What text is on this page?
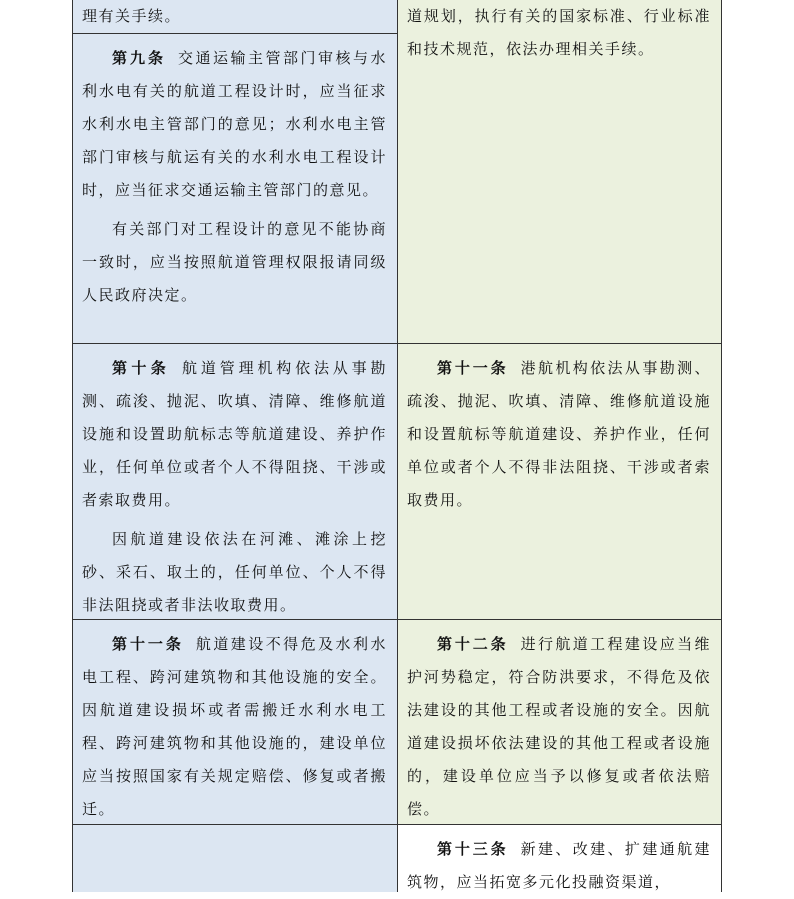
理有关手续。	道规划，执行有关的国家标准、行业标准和技术规范，依法办理相关手续。

第九条 交通运输主管部门审核与水利水电有关的航道工程设计时，应当征求水利水电主管部门的意见；水利水电主管部门审核与航运有关的水利水电工程设计时，应当征求交通运输主管部门的意见。

有关部门对工程设计的意见不能协商一致时，应当按照航道管理权限报请同级人民政府决定。

第十条 航道管理机构依法从事勘测、疏浚、抛泥、吹填、清障、维修航道设施和设置助航标志等航道建设、养护作业，任何单位或者个人不得阻挠、干涉或者索取费用。

因航道建设依法在河滩、滩涂上挖砂、采石、取土的，任何单位、个人不得非法阻挠或者非法收取费用。

第十一条 港航机构依法从事勘测、疏浚、抛泥、吹填、清障、维修航道设施和设置航标等航道建设、养护作业，任何单位或者个人不得非法阻挠、干涉或者索取费用。

第十一条 航道建设不得危及水利水电工程、跨河建筑物和其他设施的安全。因航道建设损坏或者需搬迁水利水电工程、跨河建筑物和其他设施的，建设单位应当按照国家有关规定赔偿、修复或者搬迁。

第十二条 进行航道工程建设应当维护河势稳定，符合防洪要求，不得危及依法建设的其他工程或者设施的安全。因航道建设损坏依法建设的其他工程或者设施的，建设单位应当予以修复或者依法赔偿。

第十三条 新建、改建、扩建通航建筑物，应当拓宽多元化投融资渠道，
